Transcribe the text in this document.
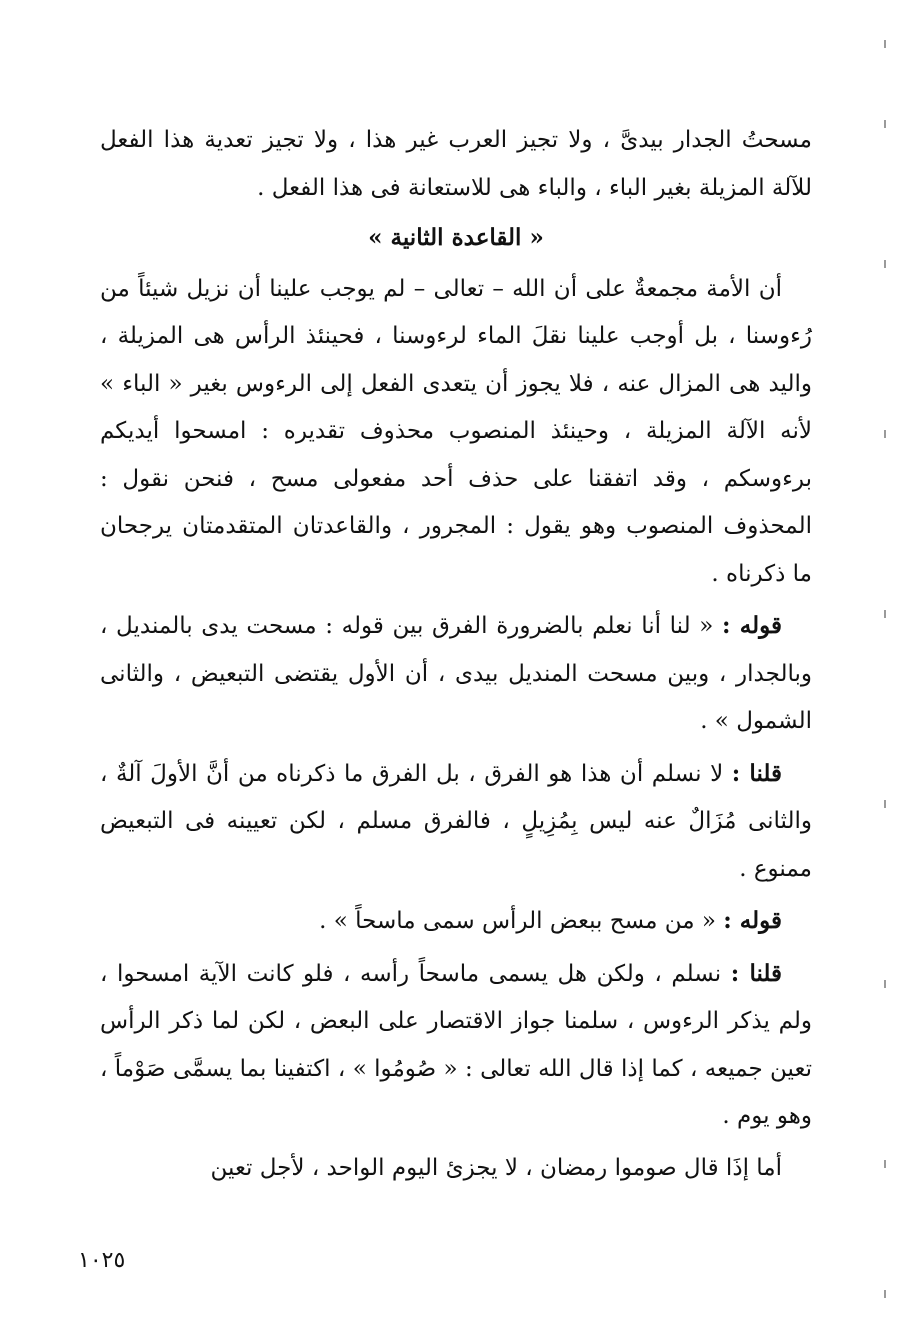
مسحتُ الجدار بيدىَّ ، ولا تجيز العرب غير هذا ، ولا تجيز تعدية هذا الفعل للآلة المزيلة بغير الباء ، والباء هى للاستعانة فى هذا الفعل .

« القاعدة الثانية »

أن الأمة مجمعةٌ على أن الله – تعالى – لم يوجب علينا أن نزيل شيئاً من رُءوسنا ، بل أوجب علينا نقلَ الماء لرءوسنا ، فحينئذ الرأس هى المزيلة ، واليد هى المزال عنه ، فلا يجوز أن يتعدى الفعل إلى الرءوس بغير « الباء » لأنه الآلة المزيلة ، وحينئذ المنصوب محذوف تقديره : امسحوا أيديكم برءوسكم ، وقد اتفقنا على حذف أحد مفعولى مسح ، فنحن نقول : المحذوف المنصوب وهو يقول : المجرور ، والقاعدتان المتقدمتان يرجحان ما ذكرناه .

قوله : « لنا أنا نعلم بالضرورة الفرق بين قوله : مسحت يدى بالمنديل ، وبالجدار ، وبين مسحت المنديل بيدى ، أن الأول يقتضى التبعيض ، والثانى الشمول » .

قلنا : لا نسلم أن هذا هو الفرق ، بل الفرق ما ذكرناه من أنَّ الأولَ آلةٌ ، والثانى مُزَالٌ عنه ليس بِمُزِيلٍ ، فالفرق مسلم ، لكن تعيينه فى التبعيض ممنوع .

قوله : « من مسح ببعض الرأس سمى ماسحاً » .

قلنا : نسلم ، ولكن هل يسمى ماسحاً رأسه ، فلو كانت الآية امسحوا ، ولم يذكر الرءوس ، سلمنا جواز الاقتصار على البعض ، لكن لما ذكر الرأس تعين جميعه ، كما إذا قال الله تعالى : « صُومُوا » ، اكتفينا بما يسمَّى صَوْماً ، وهو يوم .

أما إذَا قال صوموا رمضان ، لا يجزئ اليوم الواحد ، لأجل تعين

١٠٢٥
